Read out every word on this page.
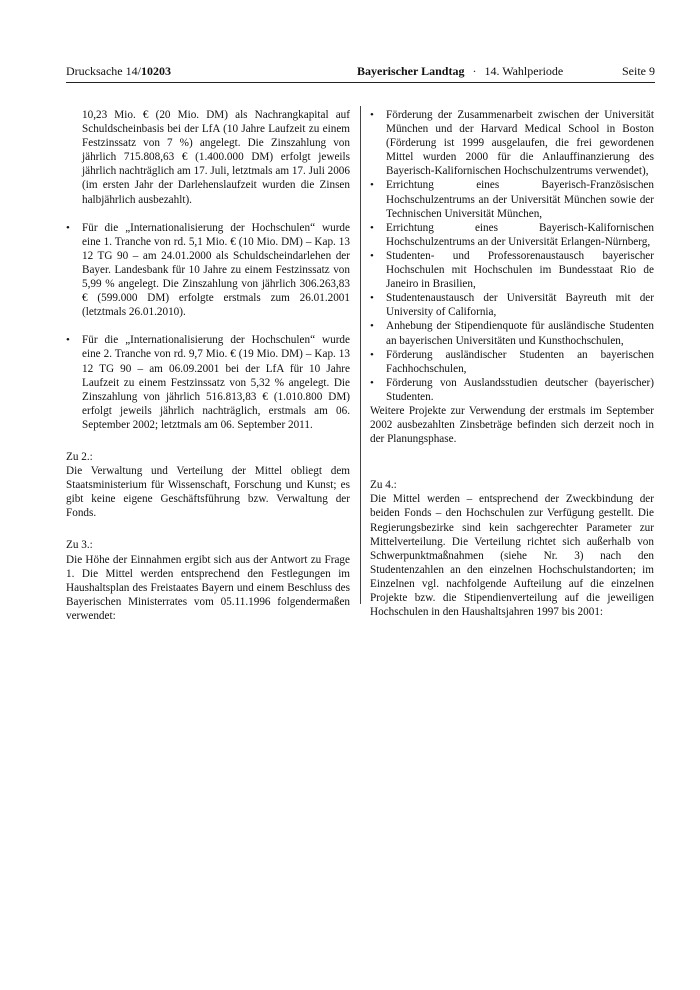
Drucksache 14/10203	Bayerischer Landtag · 14. Wahlperiode	Seite 9

10,23 Mio. € (20 Mio. DM) als Nachrangkapital auf Schuldscheinbasis bei der LfA (10 Jahre Laufzeit zu einem Festzinssatz von 7 %) angelegt. Die Zinszahlung von jährlich 715.808,63 € (1.400.000 DM) erfolgt jeweils jährlich nachträglich am 17. Juli, letztmals am 17. Juli 2006 (im ersten Jahr der Darlehenslaufzeit wurden die Zinsen halbjährlich ausbezahlt).

• Für die „Internationalisierung der Hochschulen“ wurde eine 1. Tranche von rd. 5,1 Mio. € (10 Mio. DM) – Kap. 13 12 TG 90 – am 24.01.2000 als Schuldscheindarlehen der Bayer. Landesbank für 10 Jahre zu einem Festzinssatz von 5,99 % angelegt. Die Zinszahlung von jährlich 306.263,83 € (599.000 DM) erfolgte erstmals zum 26.01.2001 (letztmals 26.01.2010).

• Für die „Internationalisierung der Hochschulen“ wurde eine 2. Tranche von rd. 9,7 Mio. € (19 Mio. DM) – Kap. 13 12 TG 90 – am 06.09.2001 bei der LfA für 10 Jahre Laufzeit zu einem Festzinssatz von 5,32 % angelegt. Die Zinszahlung von jährlich 516.813,83 € (1.010.800 DM) erfolgt jeweils jährlich nachträglich, erstmals am 06. September 2002; letztmals am 06. September 2011.

Zu 2.:

Die Verwaltung und Verteilung der Mittel obliegt dem Staatsministerium für Wissenschaft, Forschung und Kunst; es gibt keine eigene Geschäftsführung bzw. Verwaltung der Fonds.

Zu 3.:

Die Höhe der Einnahmen ergibt sich aus der Antwort zu Frage 1. Die Mittel werden entsprechend den Festlegungen im Haushaltsplan des Freistaates Bayern und einem Beschluss des Bayerischen Ministerrates vom 05.11.1996 folgendermaßen verwendet:

• Förderung der Zusammenarbeit zwischen der Universität München und der Harvard Medical School in Boston (Förderung ist 1999 ausgelaufen, die frei gewordenen Mittel wurden 2000 für die Anlauffinanzierung des Bayerisch-Kalifornischen Hochschulzentrums verwendet),

• Errichtung eines Bayerisch-Französischen Hochschulzentrums an der Universität München sowie der Technischen Universität München,

• Errichtung eines Bayerisch-Kalifornischen Hochschulzentrums an der Universität Erlangen-Nürnberg,

• Studenten- und Professorenaustausch bayerischer Hochschulen mit Hochschulen im Bundesstaat Rio de Janeiro in Brasilien,

• Studentenaustausch der Universität Bayreuth mit der University of California,

• Anhebung der Stipendienquote für ausländische Studenten an bayerischen Universitäten und Kunsthochschulen,

• Förderung ausländischer Studenten an bayerischen Fachhochschulen,

• Förderung von Auslandsstudien deutscher (bayerischer) Studenten.

Weitere Projekte zur Verwendung der erstmals im September 2002 ausbezahlten Zinsbeträge befinden sich derzeit noch in der Planungsphase.

Zu 4.:

Die Mittel werden – entsprechend der Zweckbindung der beiden Fonds – den Hochschulen zur Verfügung gestellt. Die Regierungsbezirke sind kein sachgerechter Parameter zur Mittelverteilung. Die Verteilung richtet sich außerhalb von Schwerpunktmaßnahmen (siehe Nr. 3) nach den Studentenzahlen an den einzelnen Hochschulstandorten; im Einzelnen vgl. nachfolgende Aufteilung auf die einzelnen Projekte bzw. die Stipendienverteilung auf die jeweiligen Hochschulen in den Haushaltsjahren 1997 bis 2001:
